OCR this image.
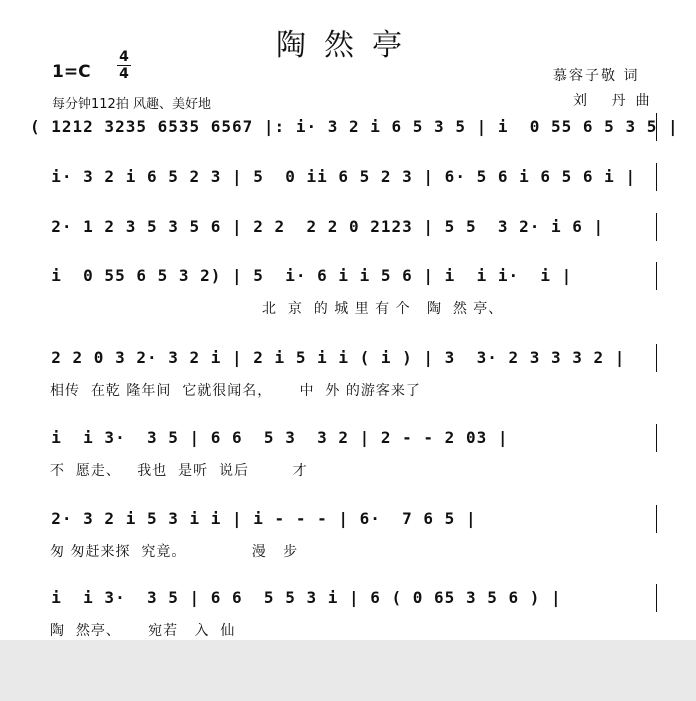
陶然亭
1=C
4
4
每分钟112拍 风趣、美好地
慕容子敬 词
刘 丹曲
( 1212 3235 6535 6567 |: i· 3 2 i 6 5 3 5 | i  0 55 6 5 3 5 |
i· 3 2 i 6 5 2 3 | 5  0 ii 6 5 2 3 | 6· 5 6 i 6 5 6 i |
2· 1 2 3 5 3 5 6 | 2 2  2 2 0 2123 | 5 5  3 2· i 6 |
i  0 55 6 5 3 2) | 5  i· 6 i i 5 6 | i  i i·  i |
北  京  的 城 里 有 个   陶  然 亭、
2 2 0 3 2· 3 2 i | 2 i 5 i i ( i ) | 3  3· 2 3 3 3 2 |
相传  在乾 隆年间  它就很闻名，     中  外 的游客来了
i  i 3·  3 5 | 6 6  5 3  3 2 | 2 - - 2 03 |
不  愿走、   我也  是听  说后        才
2· 3 2 i 5 3 i i | i - - - | 6·  7 6 5 |
匆 匆赶来探  究竟。            漫   步
i  i 3·  3 5 | 6 6  5 5 3 i | 6 ( 0 65 3 5 6 ) |
陶  然亭、     宛若   入  仙
